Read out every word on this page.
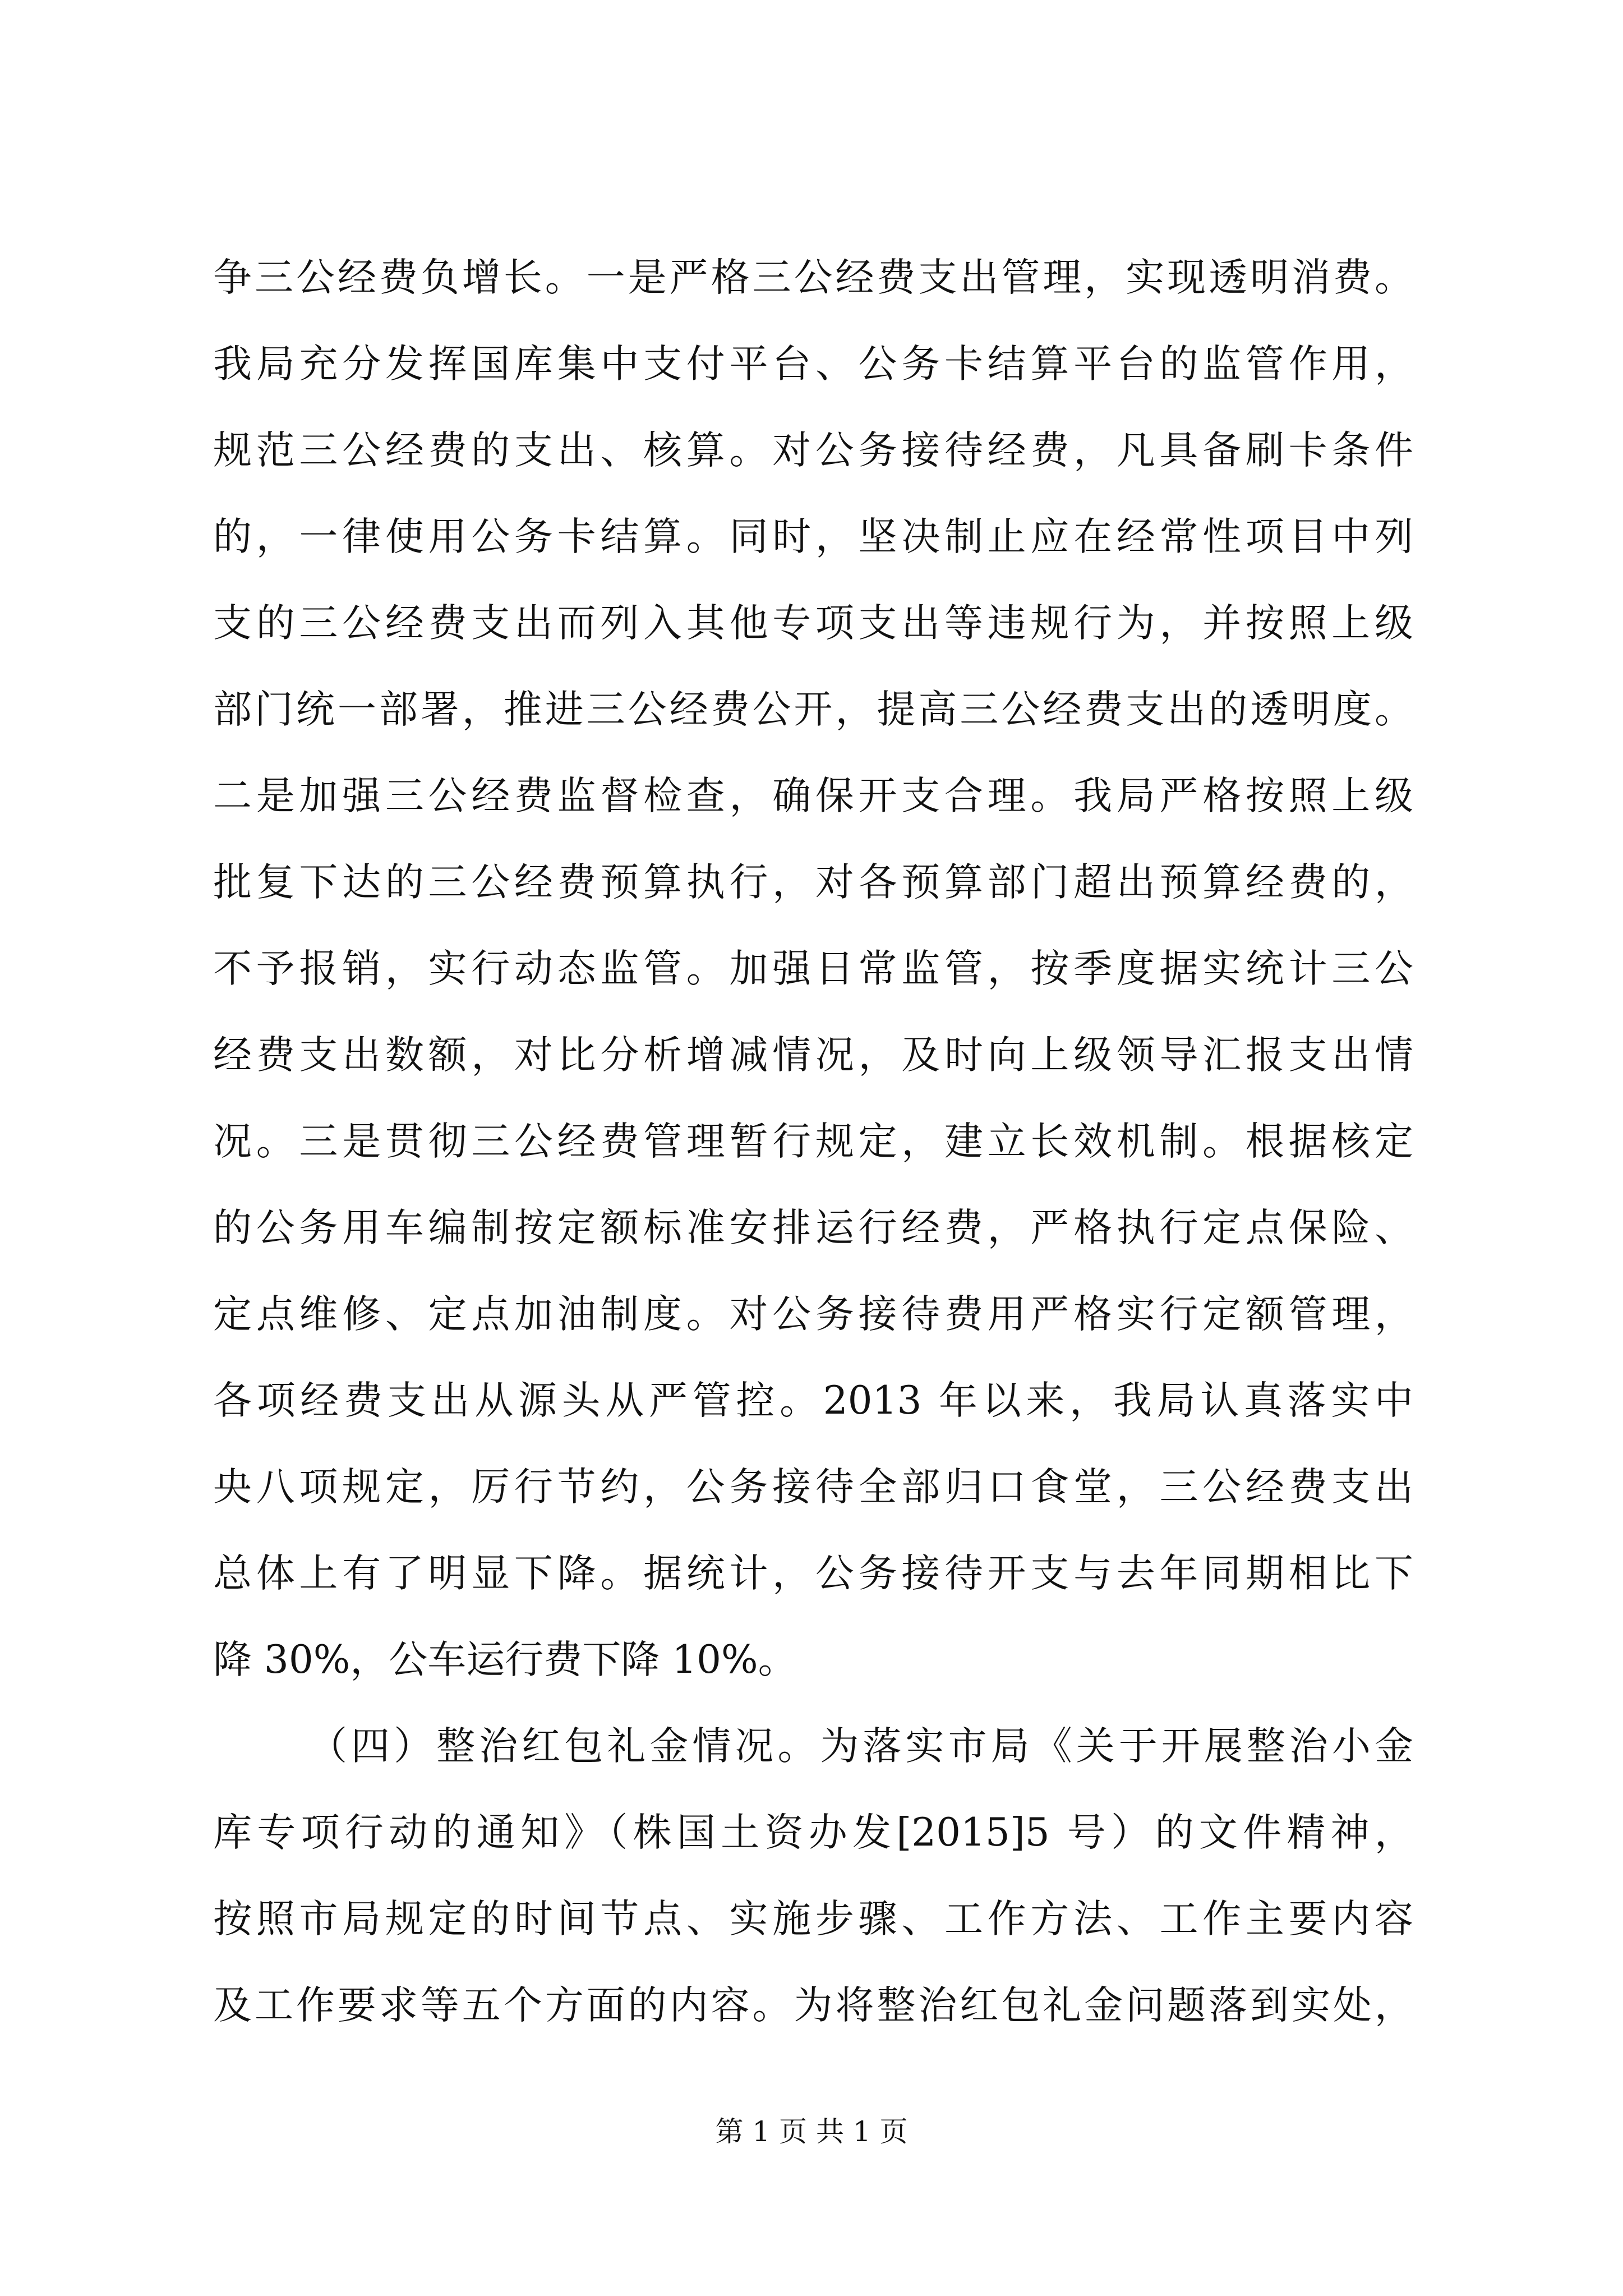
争三公经费负增长。一是严格三公经费支出管理，实现透明消费。
我局充分发挥国库集中支付平台、公务卡结算平台的监管作用，
规范三公经费的支出、核算。对公务接待经费，凡具备刷卡条件
的，一律使用公务卡结算。同时，坚决制止应在经常性项目中列
支的三公经费支出而列入其他专项支出等违规行为，并按照上级
部门统一部署，推进三公经费公开，提高三公经费支出的透明度。
二是加强三公经费监督检查，确保开支合理。我局严格按照上级
批复下达的三公经费预算执行，对各预算部门超出预算经费的，
不予报销，实行动态监管。加强日常监管，按季度据实统计三公
经费支出数额，对比分析增减情况，及时向上级领导汇报支出情
况。三是贯彻三公经费管理暂行规定，建立长效机制。根据核定
的公务用车编制按定额标准安排运行经费，严格执行定点保险、
定点维修、定点加油制度。对公务接待费用严格实行定额管理，
各项经费支出从源头从严管控。2013 年以来，我局认真落实中
央八项规定，厉行节约，公务接待全部归口食堂，三公经费支出
总体上有了明显下降。据统计，公务接待开支与去年同期相比下
降 30%，公车运行费下降 10%。
（四）整治红包礼金情况。为落实市局《关于开展整治小金
库专项行动的通知》（株国土资办发[2015]5 号）的文件精神，
按照市局规定的时间节点、实施步骤、工作方法、工作主要内容
及工作要求等五个方面的内容。为将整治红包礼金问题落到实处，
第 1 页 共 1 页
